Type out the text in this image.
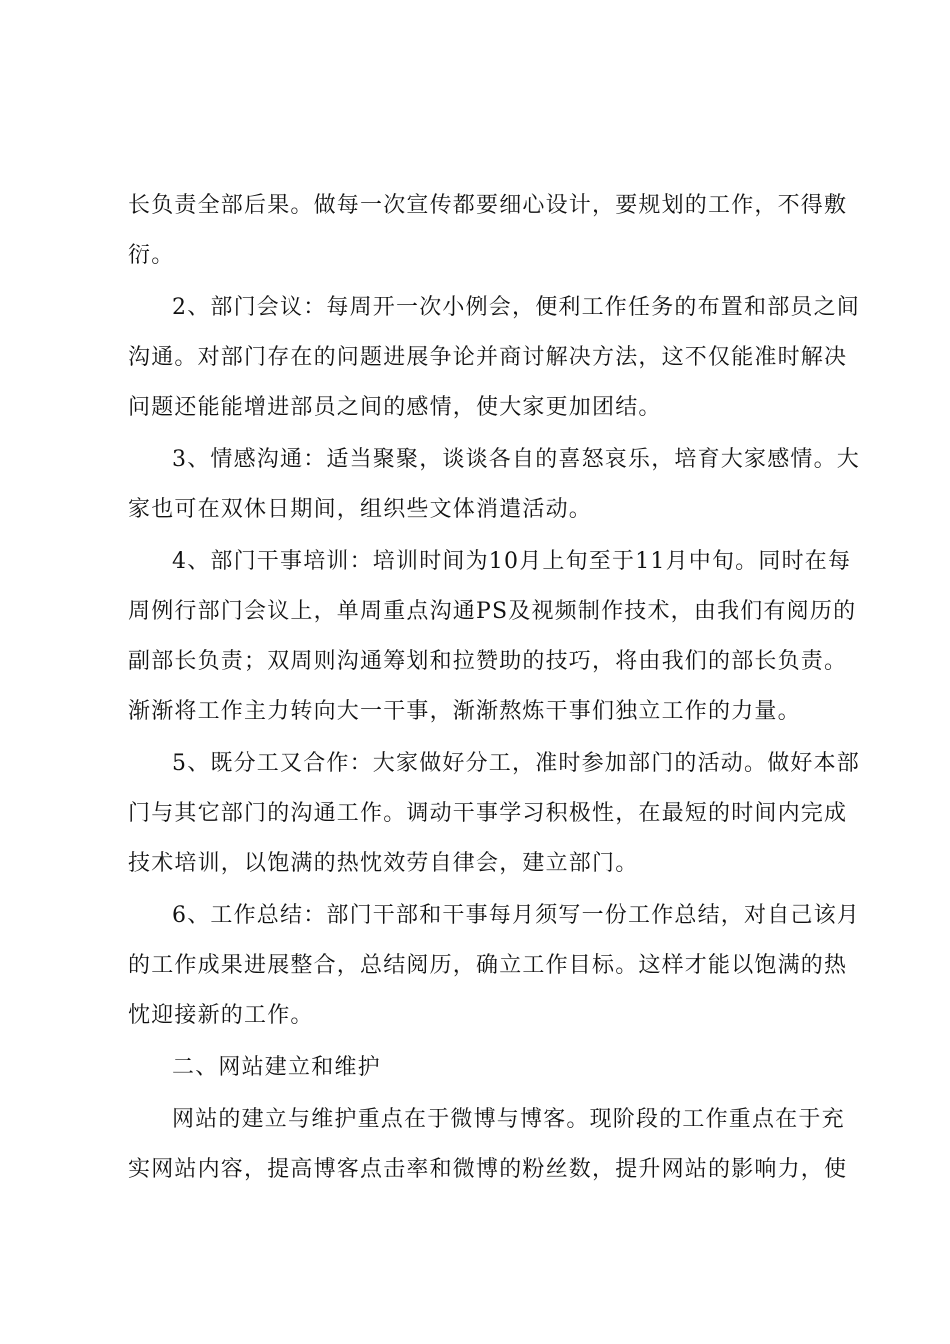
长负责全部后果。做每一次宣传都要细心设计，要规划的工作，不得敷
衍。
2、部门会议：每周开一次小例会，便利工作任务的布置和部员之间
沟通。对部门存在的问题进展争论并商讨解决方法，这不仅能准时解决
问题还能能增进部员之间的感情，使大家更加团结。
3、情感沟通：适当聚聚，谈谈各自的喜怒哀乐，培育大家感情。大
家也可在双休日期间，组织些文体消遣活动。
4、部门干事培训：培训时间为10月上旬至于11月中旬。同时在每
周例行部门会议上，单周重点沟通PS及视频制作技术，由我们有阅历的
副部长负责；双周则沟通筹划和拉赞助的技巧，将由我们的部长负责。
渐渐将工作主力转向大一干事，渐渐熬炼干事们独立工作的力量。
5、既分工又合作：大家做好分工，准时参加部门的活动。做好本部
门与其它部门的沟通工作。调动干事学习积极性，在最短的时间内完成
技术培训，以饱满的热忱效劳自律会，建立部门。
6、工作总结：部门干部和干事每月须写一份工作总结，对自己该月
的工作成果进展整合，总结阅历，确立工作目标。这样才能以饱满的热
忱迎接新的工作。
二、网站建立和维护
网站的建立与维护重点在于微博与博客。现阶段的工作重点在于充
实网站内容，提高博客点击率和微博的粉丝数，提升网站的影响力，使
